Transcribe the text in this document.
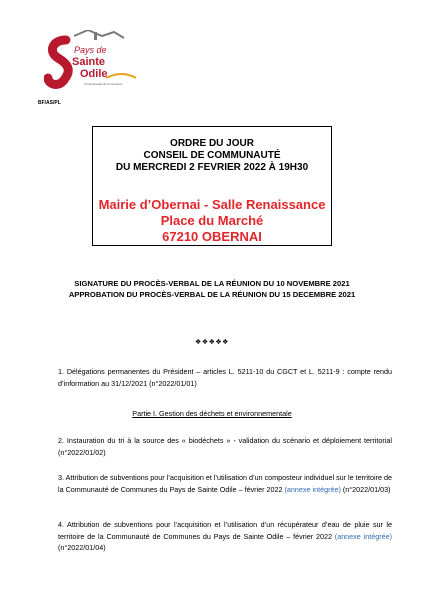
Pays de
Sainte
Odile
Communauté de Communes
BF/AS/PL
ORDRE DU JOUR
CONSEIL DE COMMUNAUTÉ
DU MERCREDI 2 FEVRIER 2022 À 19H30
Mairie d’Obernai - Salle Renaissance
Place du Marché
67210 OBERNAI
SIGNATURE DU PROCÈS-VERBAL DE LA RÉUNION DU 10 NOVEMBRE 2021
APPROBATION DU PROCÈS-VERBAL DE LA RÉUNION DU 15 DECEMBRE 2021
❖❖❖❖❖
1. Délégations permanentes du Président – articles L. 5211-10 du CGCT et L. 5211-9 : compte rendu d’information au 31/12/2021 (n°2022/01/01)
Partie I. Gestion des déchets et environnementale
2. Instauration du tri à la source des « biodéchets » - validation du scénario et déploiement territorial (n°2022/01/02)
3. Attribution de subventions pour l’acquisition et l’utilisation d’un composteur individuel sur le territoire de la Communauté de Communes du Pays de Sainte Odile – février 2022 (annexe intégrée) (n°2022/01/03)
4. Attribution de subventions pour l’acquisition et l’utilisation d’un récupérateur d’eau de pluie sur le territoire de la Communauté de Communes du Pays de Sainte Odile – février 2022 (annexe intégrée) (n°2022/01/04)
